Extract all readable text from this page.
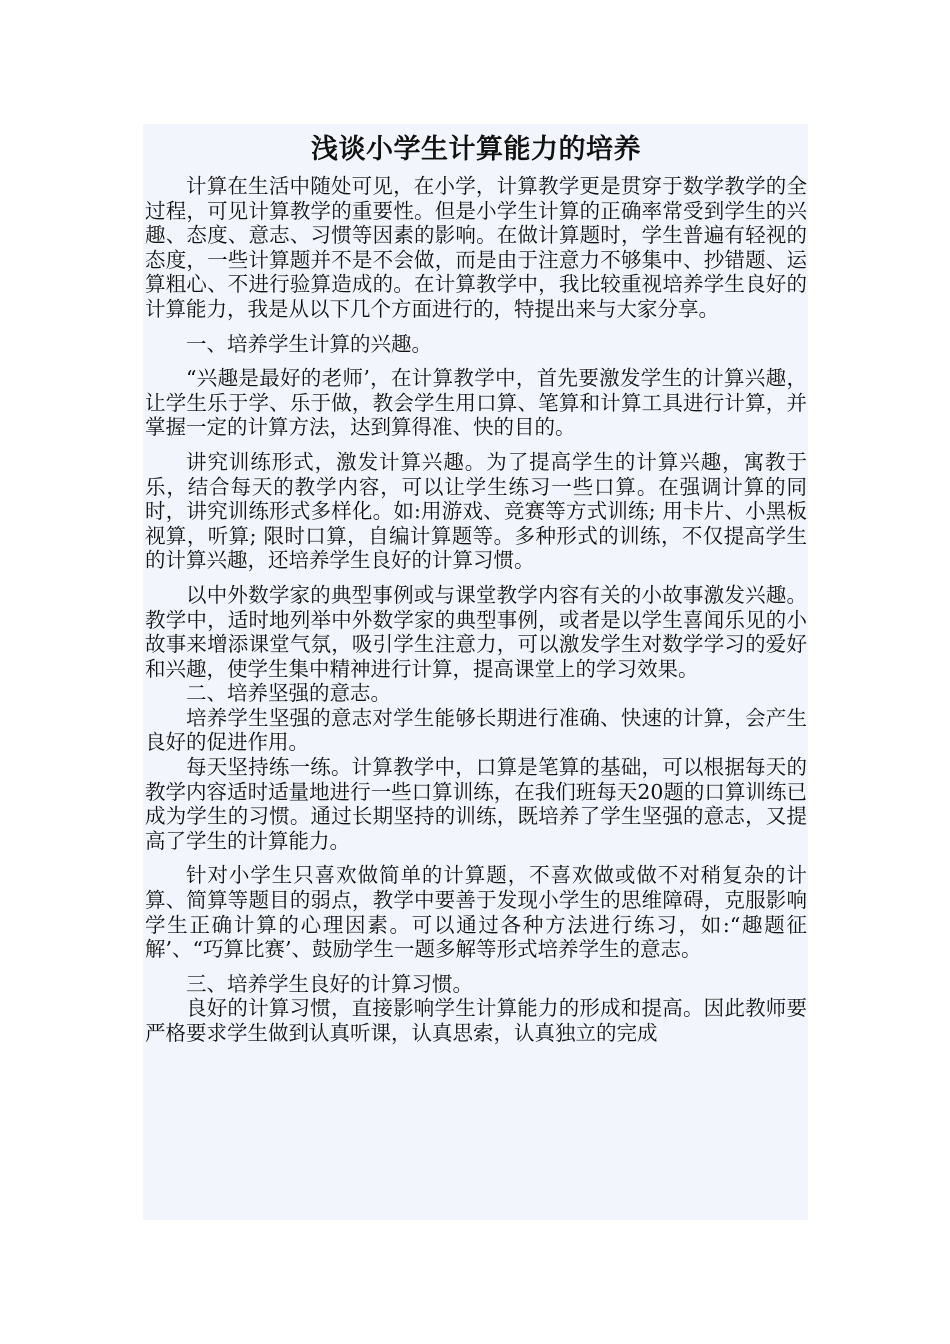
浅谈小学生计算能力的培养

计算在生活中随处可见，在小学，计算教学更是贯穿于数学教学的全过程，可见计算教学的重要性。但是小学生计算的正确率常受到学生的兴趣、态度、意志、习惯等因素的影响。在做计算题时，学生普遍有轻视的态度，一些计算题并不是不会做，而是由于注意力不够集中、抄错题、运算粗心、不进行验算造成的。在计算教学中，我比较重视培养学生良好的计算能力，我是从以下几个方面进行的，特提出来与大家分享。

一、培养学生计算的兴趣。

“兴趣是最好的老师’，在计算教学中，首先要激发学生的计算兴趣，让学生乐于学、乐于做，教会学生用口算、笔算和计算工具进行计算，并掌握一定的计算方法，达到算得准、快的目的。

讲究训练形式，激发计算兴趣。为了提高学生的计算兴趣，寓教于乐，结合每天的教学内容，可以让学生练习一些口算。在强调计算的同时，讲究训练形式多样化。如:用游戏、竞赛等方式训练; 用卡片、小黑板视算，听算; 限时口算，自编计算题等。多种形式的训练，不仅提高学生的计算兴趣，还培养学生良好的计算习惯。

以中外数学家的典型事例或与课堂教学内容有关的小故事激发兴趣。教学中，适时地列举中外数学家的典型事例，或者是以学生喜闻乐见的小故事来增添课堂气氛，吸引学生注意力，可以激发学生对数学学习的爱好和兴趣，使学生集中精神进行计算，提高课堂上的学习效果。

二、培养坚强的意志。

培养学生坚强的意志对学生能够长期进行准确、快速的计算，会产生良好的促进作用。

每天坚持练一练。计算教学中，口算是笔算的基础，可以根据每天的教学内容适时适量地进行一些口算训练，在我们班每天20题的口算训练已成为学生的习惯。通过长期坚持的训练，既培养了学生坚强的意志，又提高了学生的计算能力。

针对小学生只喜欢做简单的计算题，不喜欢做或做不对稍复杂的计算、简算等题目的弱点，教学中要善于发现小学生的思维障碍，克服影响学生正确计算的心理因素。可以通过各种方法进行练习，如:“趣题征解’、“巧算比赛’、鼓励学生一题多解等形式培养学生的意志。

三、培养学生良好的计算习惯。

良好的计算习惯，直接影响学生计算能力的形成和提高。因此教师要严格要求学生做到认真听课，认真思索，认真独立的完成
